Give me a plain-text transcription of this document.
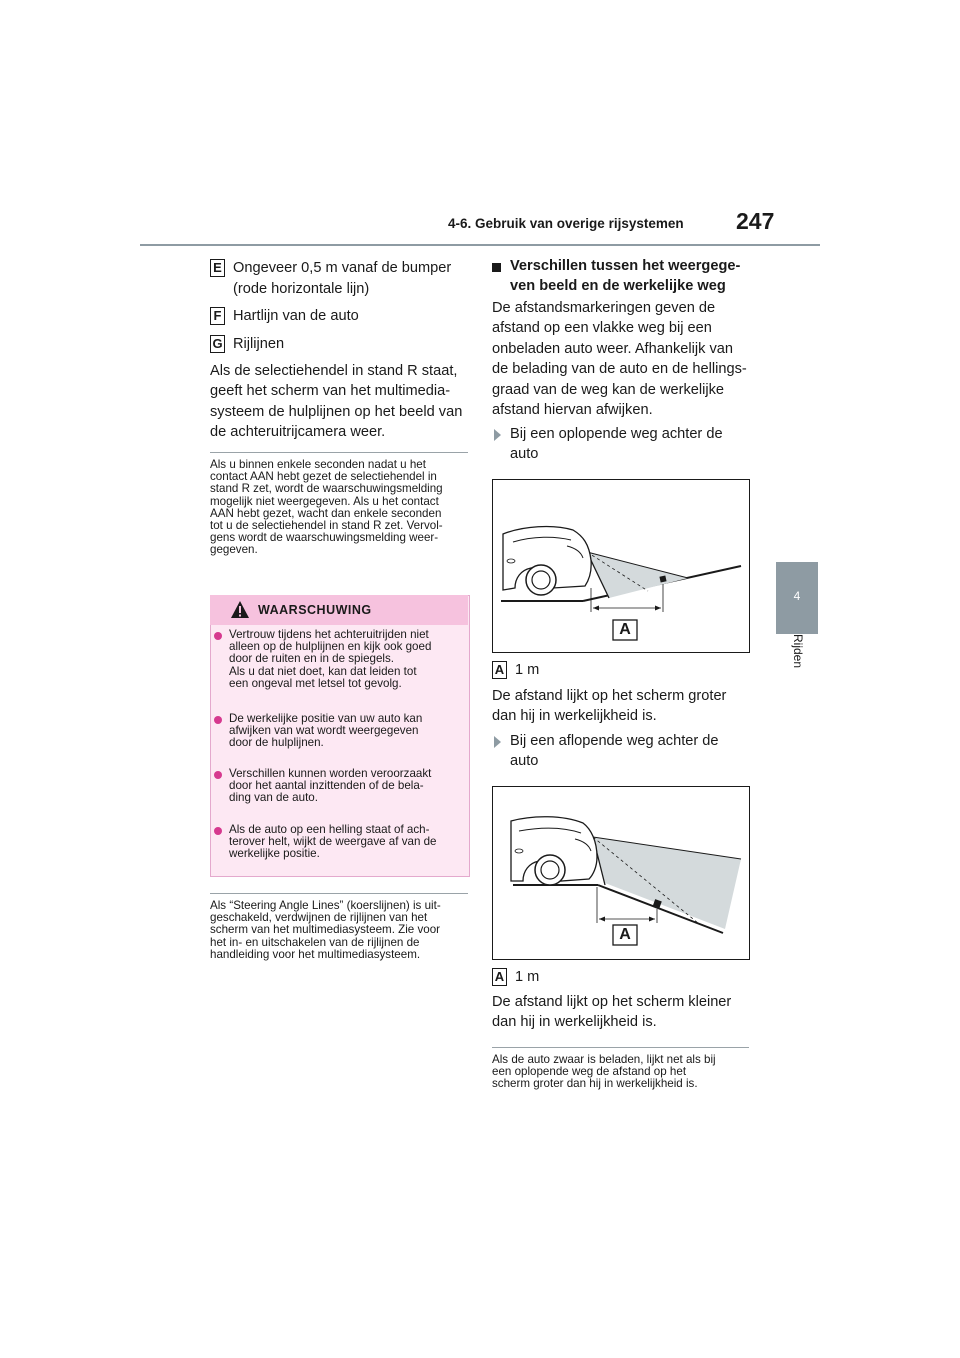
4-6. Gebruik van overige rijsystemen 247
4
Rijden
E Ongeveer 0,5 m vanaf de bumper
(rode horizontale lijn)
F Hartlijn van de auto
G Rijlijnen
Als de selectiehendel in stand R staat,
geeft het scherm van het multimedia-
systeem de hulplijnen op het beeld van
de achteruitrijcamera weer.
Als u binnen enkele seconden nadat u het
contact AAN hebt gezet de selectiehendel in
stand R zet, wordt de waarschuwingsmelding
mogelijk niet weergegeven. Als u het contact
AAN hebt gezet, wacht dan enkele seconden
tot u de selectiehendel in stand R zet. Vervol-
gens wordt de waarschuwingsmelding weer-
gegeven.
WAARSCHUWING
Vertrouw tijdens het achteruitrijden niet
alleen op de hulplijnen en kijk ook goed
door de ruiten en in de spiegels.
Als u dat niet doet, kan dat leiden tot
een ongeval met letsel tot gevolg.
De werkelijke positie van uw auto kan
afwijken van wat wordt weergegeven
door de hulplijnen.
Verschillen kunnen worden veroorzaakt
door het aantal inzittenden of de bela-
ding van de auto.
Als de auto op een helling staat of ach-
terover helt, wijkt de weergave af van de
werkelijke positie.
Als “Steering Angle Lines” (koerslijnen) is uit-
geschakeld, verdwijnen de rijlijnen van het
scherm van het multimediasysteem. Zie voor
het in- en uitschakelen van de rijlijnen de
handleiding voor het multimediasysteem.
Verschillen tussen het weergege-
ven beeld en de werkelijke weg
De afstandsmarkeringen geven de
afstand op een vlakke weg bij een
onbeladen auto weer. Afhankelijk van
de belading van de auto en de hellings-
graad van de weg kan de werkelijke
afstand hiervan afwijken.
Bij een oplopende weg achter de
auto
A
A 1 m
De afstand lijkt op het scherm groter
dan hij in werkelijkheid is.
Bij een aflopende weg achter de
auto
A
A 1 m
De afstand lijkt op het scherm kleiner
dan hij in werkelijkheid is.
Als de auto zwaar is beladen, lijkt net als bij
een oplopende weg de afstand op het
scherm groter dan hij in werkelijkheid is.
